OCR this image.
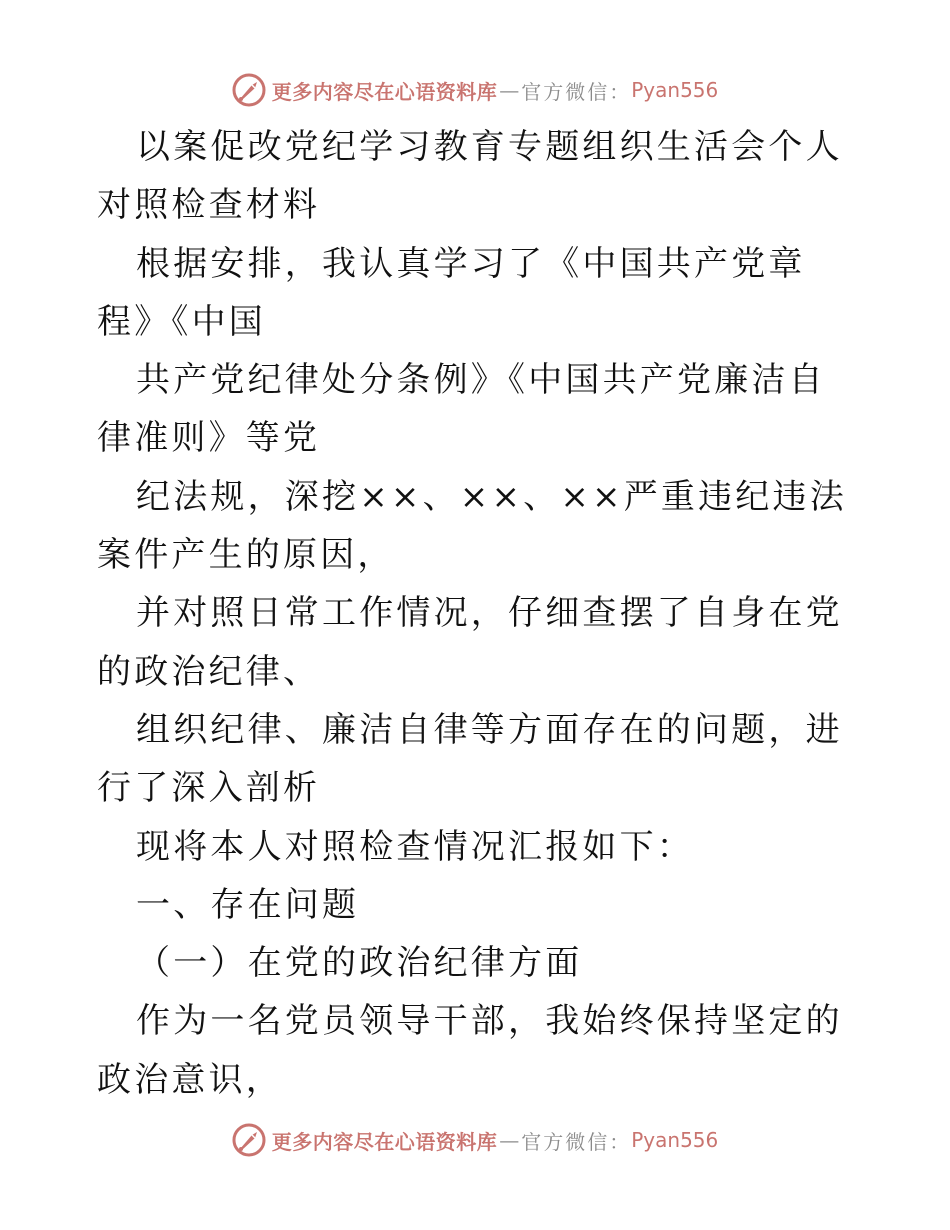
更多内容尽在心语资料库 — 官方微信： Pyan556

以案促改党纪学习教育专题组织生活会个人对照检查材料

根据安排，我认真学习了《中国共产党章程》《中国

共产党纪律处分条例》《中国共产党廉洁自律准则》等党

纪法规，深挖××、××、××严重违纪违法案件产生的原因，

并对照日常工作情况，仔细查摆了自身在党的政治纪律、

组织纪律、廉洁自律等方面存在的问题，进行了深入剖析

现将本人对照检查情况汇报如下：

一、存在问题

（一）在党的政治纪律方面

作为一名党员领导干部，我始终保持坚定的政治意识，

更多内容尽在心语资料库 — 官方微信： Pyan556
